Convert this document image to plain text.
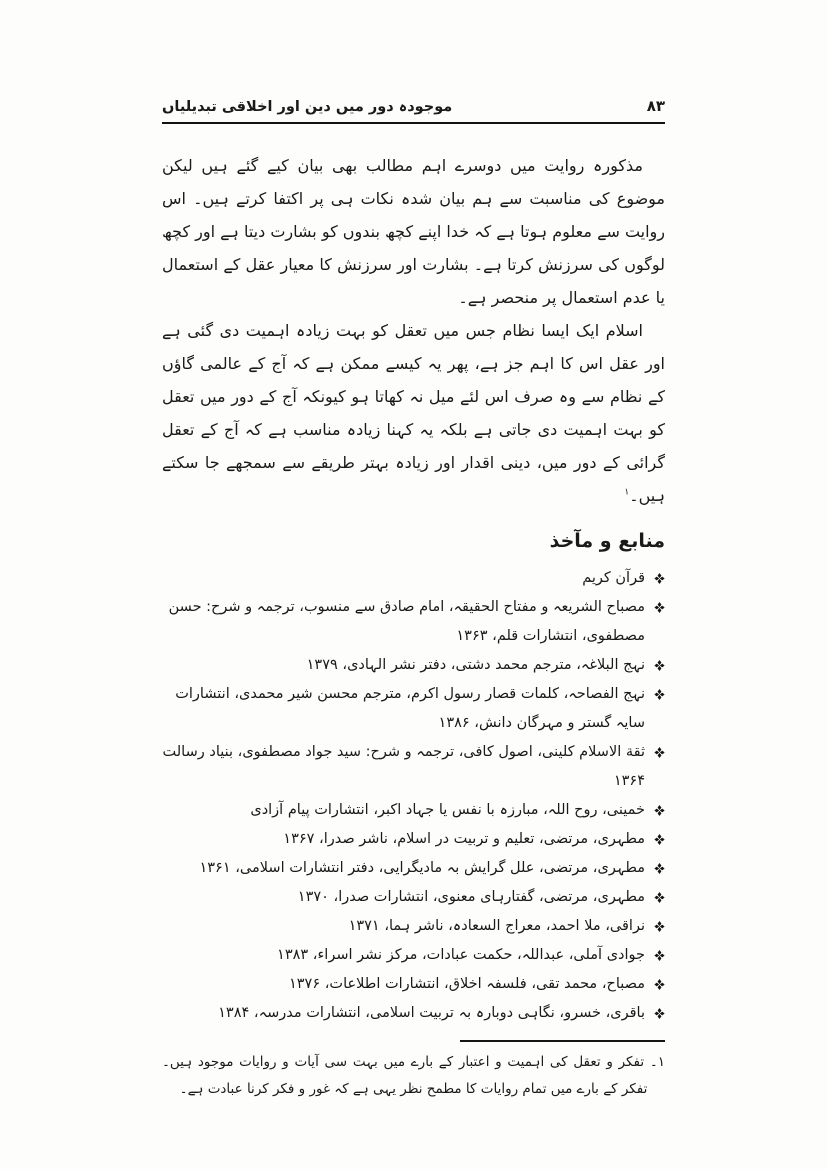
۸۳
موجودہ دور میں دین اور اخلاقی تبدیلیاں

مذکورہ روایت میں دوسرے اہم مطالب بھی بیان کیے گئے ہیں لیکن موضوع کی مناسبت سے ہم بیان شدہ نکات ہی پر اکتفا کرتے ہیں۔ اس روایت سے معلوم ہوتا ہے کہ خدا اپنے کچھ بندوں کو بشارت دیتا ہے اور کچھ لوگوں کی سرزنش کرتا ہے۔ بشارت اور سرزنش کا معیار عقل کے استعمال یا عدم استعمال پر منحصر ہے۔

اسلام ایک ایسا نظام جس میں تعقل کو بہت زیادہ اہمیت دی گئی ہے اور عقل اس کا اہم جز ہے، پھر یہ کیسے ممکن ہے کہ آج کے عالمی گاؤں کے نظام سے وہ صرف اس لئے میل نہ کھاتا ہو کیونکہ آج کے دور میں تعقل کو بہت اہمیت دی جاتی ہے بلکہ یہ کہنا زیادہ مناسب ہے کہ آج کے تعقل گرائی کے دور میں، دینی اقدار اور زیادہ بہتر طریقے سے سمجھے جا سکتے ہیں۔$^۱$

منابع و مآخذ
قرآن کریم
مصباح الشریعہ و مفتاح الحقیقہ، امام صادق سے منسوب، ترجمہ و شرح: حسن مصطفوی، انتشارات قلم، ۱۳۶۳
نہج البلاغہ، مترجم محمد دشتی، دفتر نشر الہادی، ۱۳۷۹
نہج الفصاحہ، کلمات قصار رسول اکرم، مترجم محسن شیر محمدی، انتشارات سایہ گستر و مہرگان دانش، ۱۳۸۶
ثقة الاسلام کلینی، اصول کافی، ترجمہ و شرح: سید جواد مصطفوی، بنیاد رسالت ۱۳۶۴
خمینی، روح اللہ، مبارزہ با نفس یا جہاد اکبر، انتشارات پیام آزادی
مطہری، مرتضی، تعلیم و تربیت در اسلام، ناشر صدرا، ۱۳۶۷
مطہری، مرتضی، علل گرایش بہ مادیگرایی، دفتر انتشارات اسلامی، ۱۳۶۱
مطہری، مرتضی، گفتارہای معنوی، انتشارات صدرا، ۱۳۷۰
نراقی، ملا احمد، معراج السعادہ، ناشر ہما، ۱۳۷۱
جوادی آملی، عبداللہ، حکمت عبادات، مرکز نشر اسراء، ۱۳۸۳
مصباح، محمد تقی، فلسفہ اخلاق، انتشارات اطلاعات، ۱۳۷۶
باقری، خسرو، نگاہی دوبارہ بہ تربیت اسلامی، انتشارات مدرسہ، ۱۳۸۴
۱۔ تفکر و تعقل کی اہمیت و اعتبار کے بارے میں بہت سی آیات و روایات موجود ہیں۔ تفکر کے بارے میں تمام روایات کا مطمح نظر یہی ہے کہ غور و فکر کرنا عبادت ہے۔
